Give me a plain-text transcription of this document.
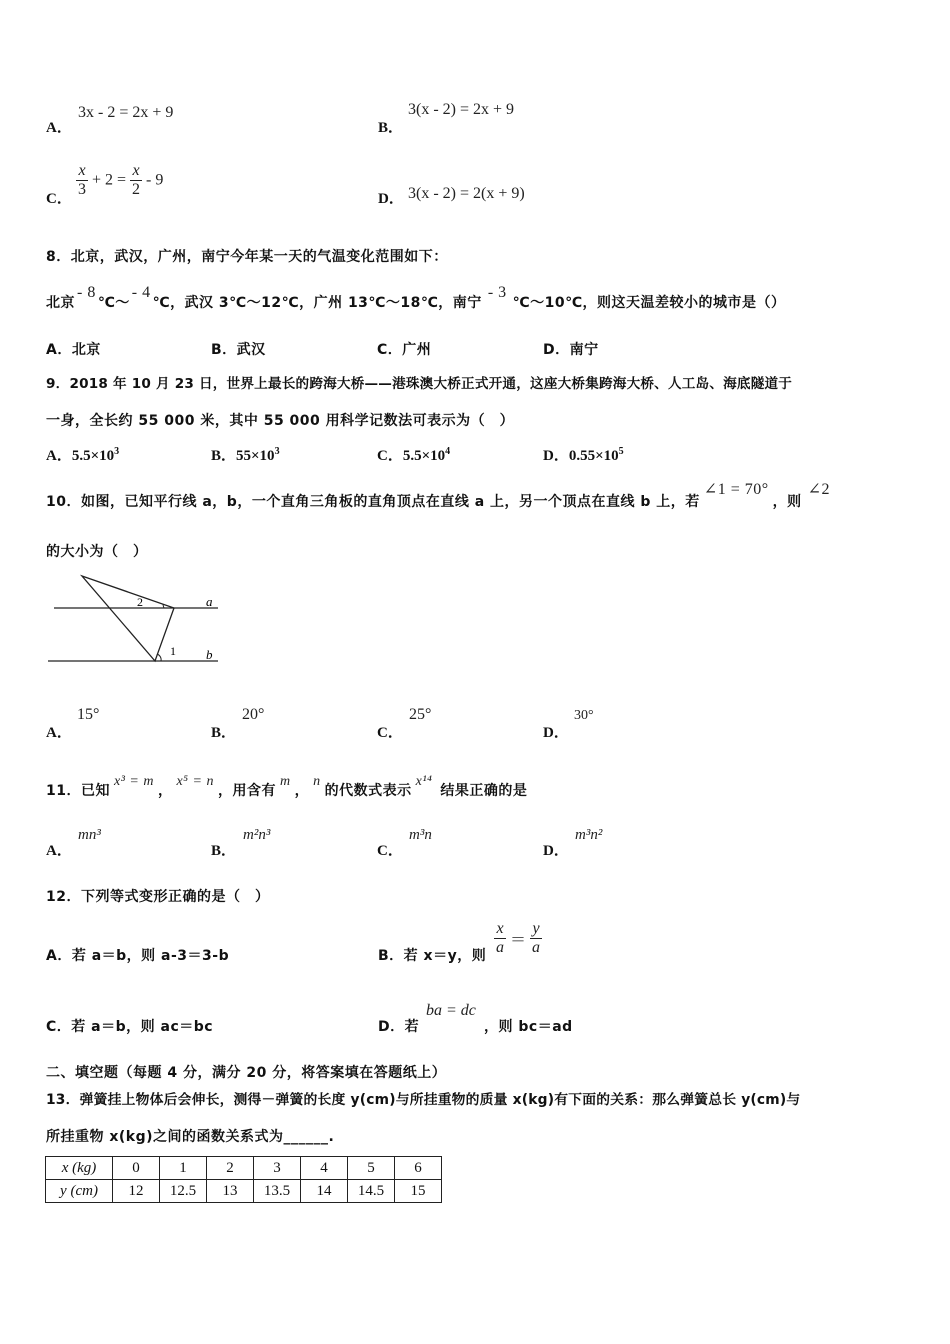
A．
3x - 2 = 2x + 9
B．
3(x - 2) = 2x + 9
C． $\frac{x}{3} + 2 = \frac{x}{2} - 9$
D． 3(x - 2) = 2(x + 9)
8．北京，武汉，广州，南宁今年某一天的气温变化范围如下：
北京- 8℃～- 4℃，武汉 3℃～12℃，广州 13℃～18℃，南宁- 3℃～10℃，则这天温差较小的城市是（）
A．北京	B．武汉	C．广州	D．南宁
9．2018 年 10 月 23 日，世界上最长的跨海大桥——港珠澳大桥正式开通，这座大桥集跨海大桥、人工岛、海底隧道于
一身，全长约 55 000 米，其中 55 000 用科学记数法可表示为（　）
A．$5.5\times 10^3$	B．$55\times 10^3$	C．$5.5\times 10^4$	D．$0.55\times 10^5$
10．如图，已知平行线 a，b，一个直角三角板的直角顶点在直线 a 上，另一个顶点在直线 b 上，若∠1 = 70°，则∠2
的大小为（　）
a
b
1
2
A．
15°
B．
20°
C．
25°
D．
30°
11．已知x³ = m，x⁵ = n，用含有m，n的代数式表示x¹⁴结果正确的是
A．
mn³
B．
m²n³
C．
m³n
D．
m³n²
12．下列等式变形正确的是（　）
A．若 a＝b，则 a-3＝3-b	B．若 x＝y，则 $\frac{x}{a} = \frac{y}{a}$
C．若 a＝b，则 ac＝bc	D．若
ba = dc
，则 bc＝ad
二、填空题（每题 4 分，满分 20 分，将答案填在答题纸上）
13．弹簧挂上物体后会伸长，测得－弹簧的长度 y(cm)与所挂重物的质量 x(kg)有下面的关系：那么弹簧总长 y(cm)与
所挂重物 x(kg)之间的函数关系式为______.
x (kg)	0	1	2	3	4	5	6
y (cm)	12	12.5	13	13.5	14	14.5	15
